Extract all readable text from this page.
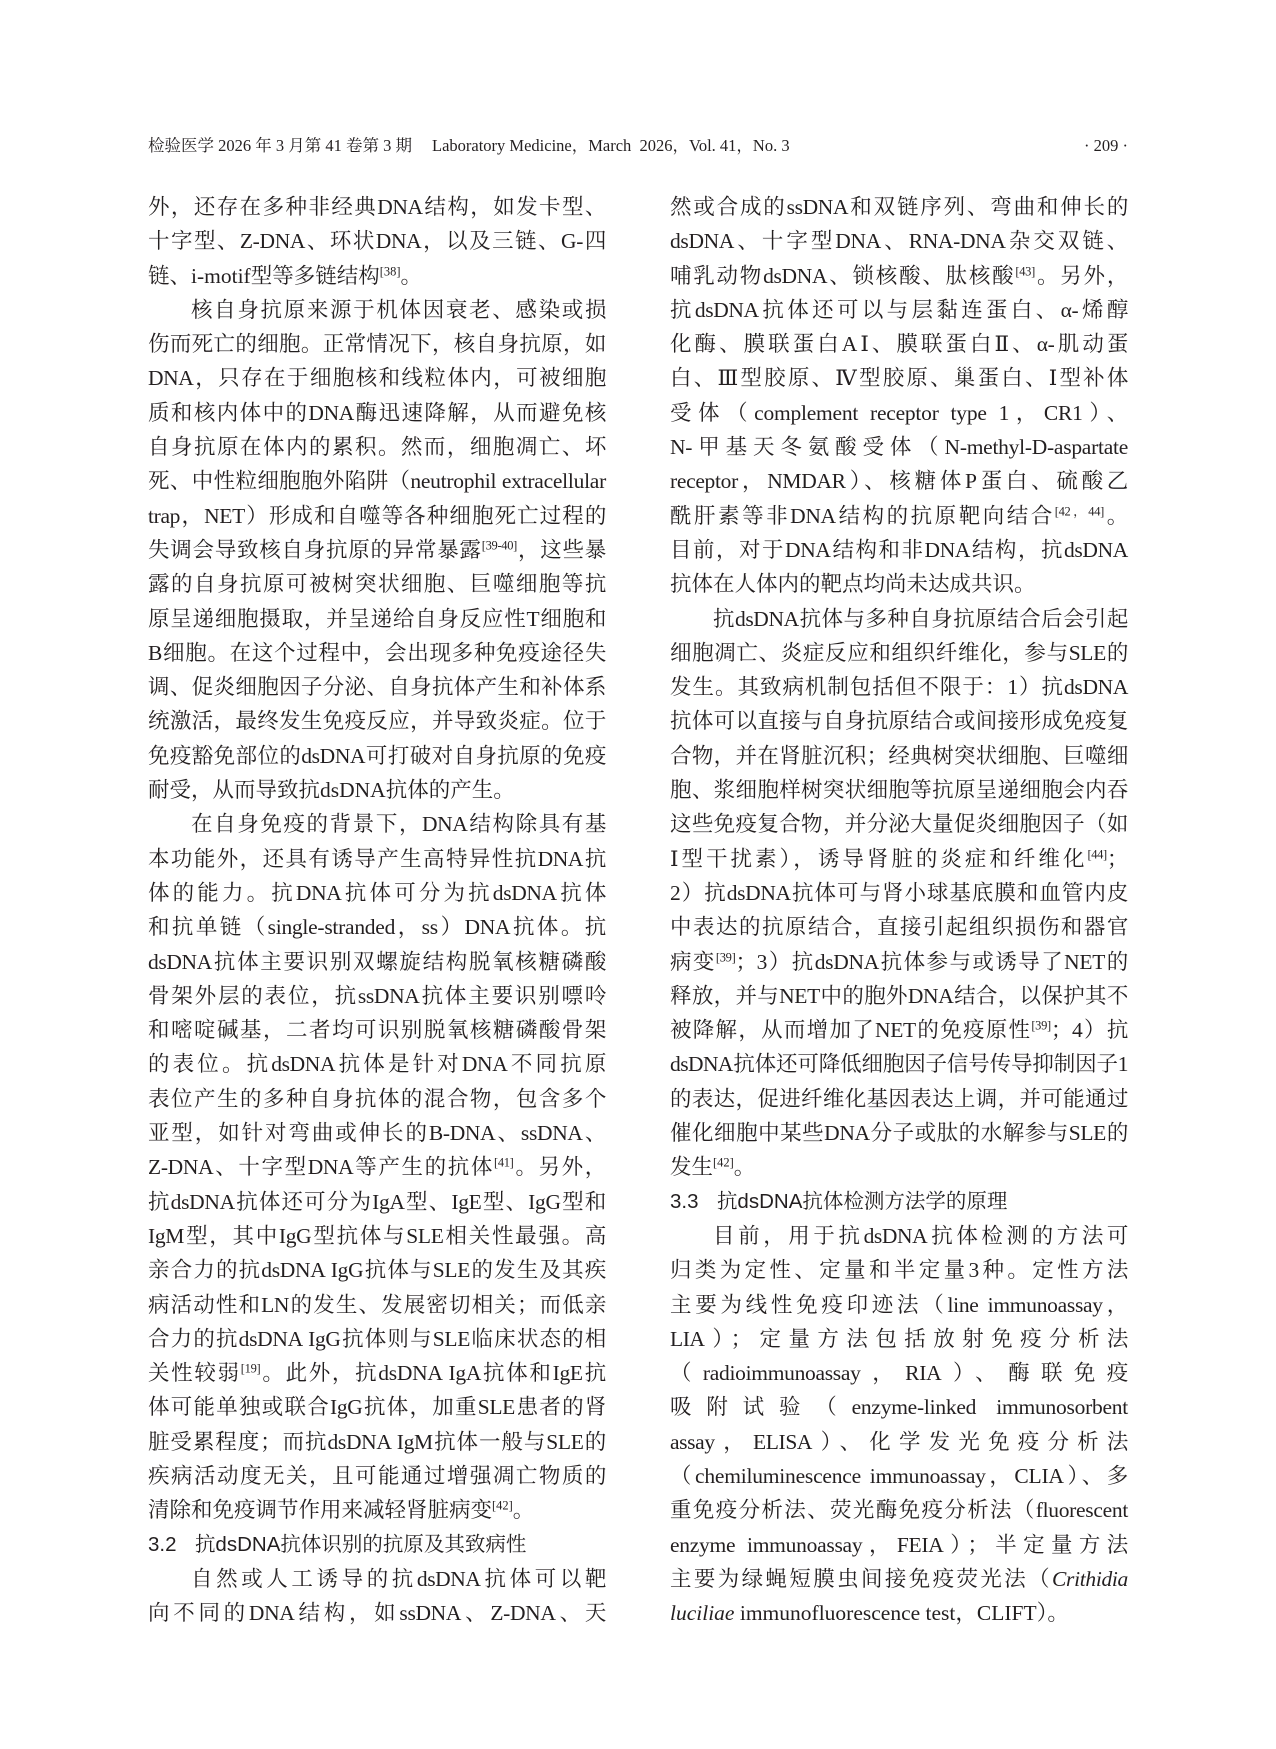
检验医学 2026 年 3 月第 41 卷第 3 期

Laboratory Medicine，March  2026，Vol. 41，No. 3

	· 209 ·

外，还存在多种非经典DNA结构，如发卡型、
十字型、Z-DNA、环状DNA，以及三链、G-四
链、i-motif型等多链结构[38]。
核自身抗原来源于机体因衰老、感染或损
伤而死亡的细胞。正常情况下，核自身抗原，如
DNA，只存在于细胞核和线粒体内，可被细胞
质和核内体中的DNA酶迅速降解，从而避免核
自身抗原在体内的累积。然而，细胞凋亡、坏
死、中性粒细胞胞外陷阱（neutrophil extracellular
trap，NET）形成和自噬等各种细胞死亡过程的
失调会导致核自身抗原的异常暴露[39-40]，这些暴
露的自身抗原可被树突状细胞、巨噬细胞等抗
原呈递细胞摄取，并呈递给自身反应性T细胞和
B细胞。在这个过程中，会出现多种免疫途径失
调、促炎细胞因子分泌、自身抗体产生和补体系
统激活，最终发生免疫反应，并导致炎症。位于
免疫豁免部位的dsDNA可打破对自身抗原的免疫
耐受，从而导致抗dsDNA抗体的产生。
在自身免疫的背景下，DNA结构除具有基
本功能外，还具有诱导产生高特异性抗DNA抗
体的能力。抗DNA抗体可分为抗dsDNA抗体
和抗单链（single-stranded，ss）DNA抗体。抗
dsDNA抗体主要识别双螺旋结构脱氧核糖磷酸
骨架外层的表位，抗ssDNA抗体主要识别嘌呤
和嘧啶碱基，二者均可识别脱氧核糖磷酸骨架
的表位。抗dsDNA抗体是针对DNA不同抗原
表位产生的多种自身抗体的混合物，包含多个
亚型，如针对弯曲或伸长的B-DNA、ssDNA、
Z-DNA、十字型DNA等产生的抗体[41]。另外，
抗dsDNA抗体还可分为IgA型、IgE型、IgG型和
IgM型，其中IgG型抗体与SLE相关性最强。高
亲合力的抗dsDNA IgG抗体与SLE的发生及其疾
病活动性和LN的发生、发展密切相关；而低亲
合力的抗dsDNA IgG抗体则与SLE临床状态的相
关性较弱[19]。此外，抗dsDNA IgA抗体和IgE抗
体可能单独或联合IgG抗体，加重SLE患者的肾
脏受累程度；而抗dsDNA IgM抗体一般与SLE的
疾病活动度无关，且可能通过增强凋亡物质的
清除和免疫调节作用来减轻肾脏病变[42]。
3.2 抗dsDNA抗体识别的抗原及其致病性
自然或人工诱导的抗dsDNA抗体可以靶
向不同的DNA结构，如ssDNA、Z-DNA、天
然或合成的ssDNA和双链序列、弯曲和伸长的
dsDNA、十字型DNA、RNA-DNA杂交双链、
哺乳动物dsDNA、锁核酸、肽核酸[43]。另外，
抗dsDNA抗体还可以与层黏连蛋白、α-烯醇
化酶、膜联蛋白AⅠ、膜联蛋白Ⅱ、α-肌动蛋
白、Ⅲ型胶原、Ⅳ型胶原、巢蛋白、Ⅰ型补体
受体（complement receptor type 1，CR1）、
N-甲基天冬氨酸受体（N-methyl-D-aspartate
receptor，NMDAR）、核糖体P蛋白、硫酸乙
酰肝素等非DNA结构的抗原靶向结合[42，44]。
目前，对于DNA结构和非DNA结构，抗dsDNA
抗体在人体内的靶点均尚未达成共识。
抗dsDNA抗体与多种自身抗原结合后会引起
细胞凋亡、炎症反应和组织纤维化，参与SLE的
发生。其致病机制包括但不限于：1）抗dsDNA
抗体可以直接与自身抗原结合或间接形成免疫复
合物，并在肾脏沉积；经典树突状细胞、巨噬细
胞、浆细胞样树突状细胞等抗原呈递细胞会内吞
这些免疫复合物，并分泌大量促炎细胞因子（如
Ⅰ型干扰素），诱导肾脏的炎症和纤维化[44]；
2）抗dsDNA抗体可与肾小球基底膜和血管内皮
中表达的抗原结合，直接引起组织损伤和器官
病变[39]；3）抗dsDNA抗体参与或诱导了NET的
释放，并与NET中的胞外DNA结合，以保护其不
被降解，从而增加了NET的免疫原性[39]；4）抗
dsDNA抗体还可降低细胞因子信号传导抑制因子1
的表达，促进纤维化基因表达上调，并可能通过
催化细胞中某些DNA分子或肽的水解参与SLE的
发生[42]。
3.3 抗dsDNA抗体检测方法学的原理
目前，用于抗dsDNA抗体检测的方法可
归类为定性、定量和半定量3种。定性方法
主要为线性免疫印迹法（line immunoassay，
LIA）；定量方法包括放射免疫分析法
（radioimmunoassay，RIA）、酶联免疫
吸附试验（enzyme-linked immunosorbent
assay，ELISA）、化学发光免疫分析法
（chemiluminescence immunoassay，CLIA）、多
重免疫分析法、荧光酶免疫分析法（fluorescent
enzyme immunoassay，FEIA）；半定量方法
主要为绿蝇短膜虫间接免疫荧光法（Crithidia
luciliae immunofluorescence test，CLIFT）。
